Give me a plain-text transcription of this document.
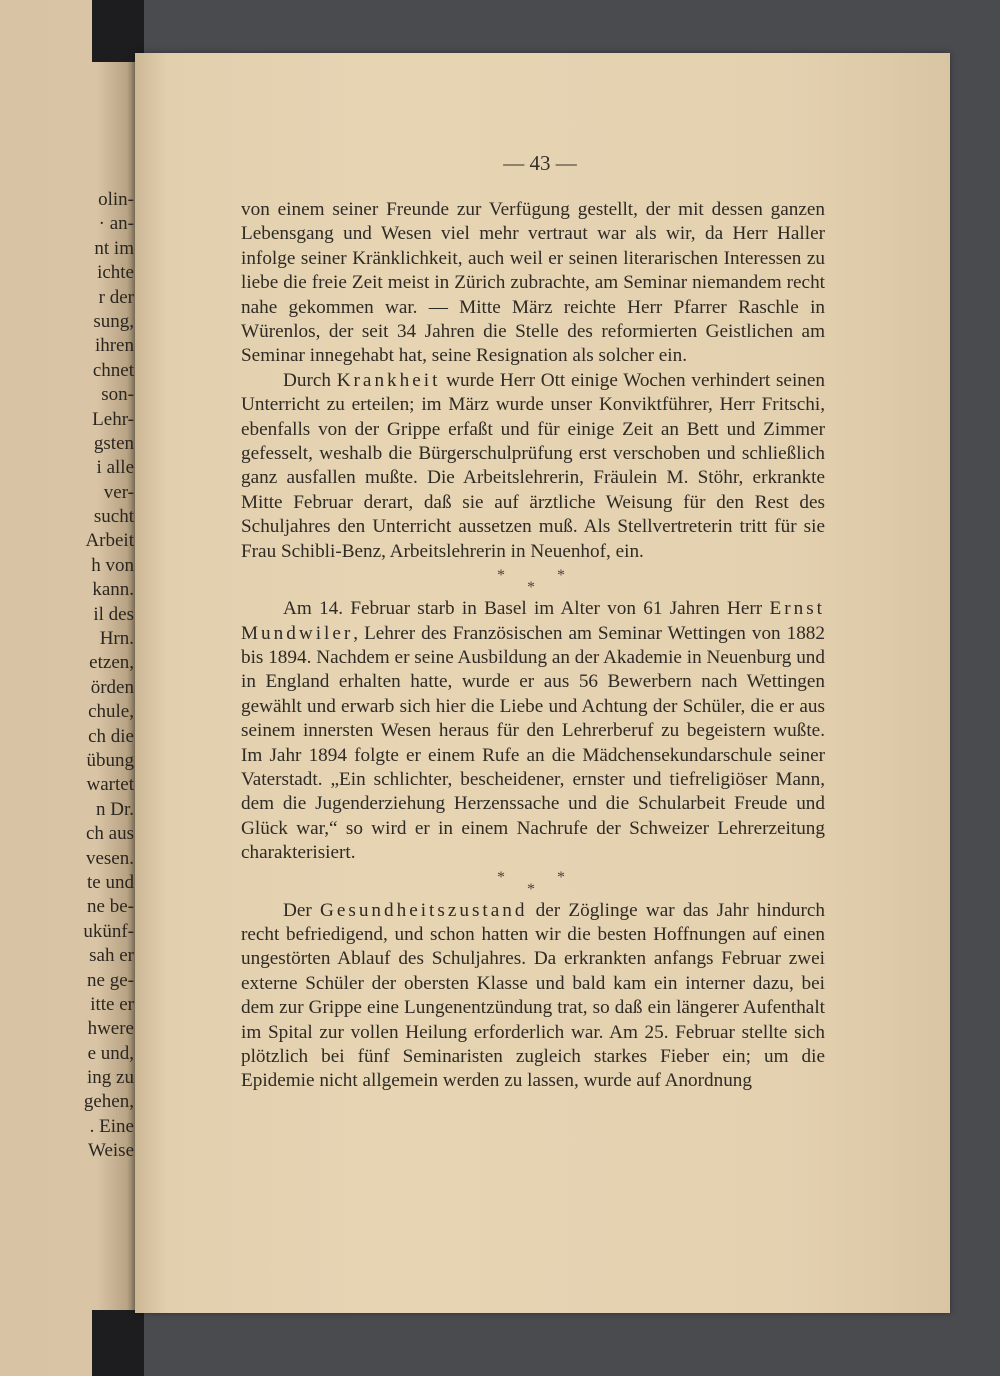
olin-
· an-
nt im
ichte
r der
sung,
ihren
chnet
son-
Lehr-
gsten
i alle
ver-
sucht
Arbeit
h von
kann.
il des
Hrn.
etzen,
örden
chule,
ch die
übung
wartet
n Dr.
ch aus
vesen.
te und
ne be-
ukünf-
sah er
ne ge-
itte er
hwere
e und,
ing zu
gehen,
. Eine
Weise
— 43 —

von einem seiner Freunde zur Verfügung gestellt, der mit dessen ganzen Lebensgang und Wesen viel mehr vertraut war als wir, da Herr Haller infolge seiner Kränklichkeit, auch weil er seinen literarischen Interessen zu liebe die freie Zeit meist in Zürich zubrachte, am Seminar niemandem recht nahe gekommen war. — Mitte März reichte Herr Pfarrer Raschle in Würenlos, der seit 34 Jahren die Stelle des reformierten Geistlichen am Seminar innegehabt hat, seine Resignation als solcher ein.

Durch Krankheit wurde Herr Ott einige Wochen verhindert seinen Unterricht zu erteilen; im März wurde unser Konviktführer, Herr Fritschi, ebenfalls von der Grippe erfaßt und für einige Zeit an Bett und Zimmer gefesselt, weshalb die Bürgerschulprüfung erst verschoben und schließlich ganz ausfallen mußte. Die Arbeitslehrerin, Fräulein M. Stöhr, erkrankte Mitte Februar derart, daß sie auf ärztliche Weisung für den Rest des Schuljahres den Unterricht aussetzen muß. Als Stellvertreterin tritt für sie Frau Schibli-Benz, Arbeitslehrerin in Neuenhof, ein.

*	*
*

Am 14. Februar starb in Basel im Alter von 61 Jahren Herr Ernst Mundwiler, Lehrer des Französischen am Seminar Wettingen von 1882 bis 1894. Nachdem er seine Ausbildung an der Akademie in Neuenburg und in England erhalten hatte, wurde er aus 56 Bewerbern nach Wettingen gewählt und erwarb sich hier die Liebe und Achtung der Schüler, die er aus seinem innersten Wesen heraus für den Lehrerberuf zu begeistern wußte. Im Jahr 1894 folgte er einem Rufe an die Mädchensekundarschule seiner Vaterstadt. „Ein schlichter, bescheidener, ernster und tiefreligiöser Mann, dem die Jugenderziehung Herzenssache und die Schularbeit Freude und Glück war,“ so wird er in einem Nachrufe der Schweizer Lehrerzeitung charakterisiert.

*	*
*

Der Gesundheitszustand der Zöglinge war das Jahr hindurch recht befriedigend, und schon hatten wir die besten Hoffnungen auf einen ungestörten Ablauf des Schuljahres. Da erkrankten anfangs Februar zwei externe Schüler der obersten Klasse und bald kam ein interner dazu, bei dem zur Grippe eine Lungenentzündung trat, so daß ein längerer Aufenthalt im Spital zur vollen Heilung erforderlich war. Am 25. Februar stellte sich plötzlich bei fünf Seminaristen zugleich starkes Fieber ein; um die Epidemie nicht allgemein werden zu lassen, wurde auf Anordnung
